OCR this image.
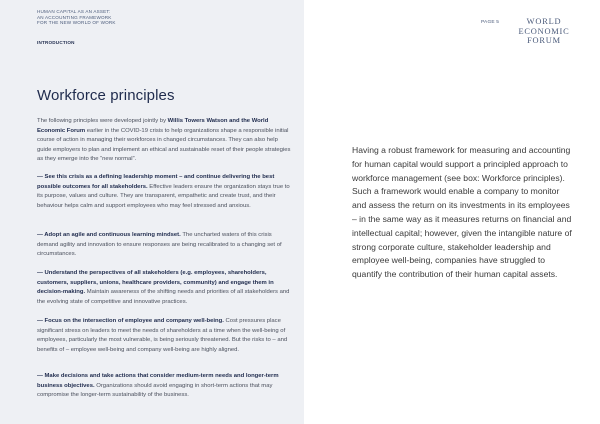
HUMAN CAPITAL AS AN ASSET:
AN ACCOUNTING FRAMEWORK
FOR THE NEW WORLD OF WORK
INTRODUCTION
Workforce principles
The following principles were developed jointly by Willis Towers Watson and the World Economic Forum earlier in the COVID-19 crisis to help organizations shape a responsible initial course of action in managing their workforces in changed circumstances. They can also help guide employers to plan and implement an ethical and sustainable reset of their people strategies as they emerge into the “new normal”.
— See this crisis as a defining leadership moment – and continue delivering the best possible outcomes for all stakeholders. Effective leaders ensure the organization stays true to its purpose, values and culture. They are transparent, empathetic and create trust, and their behaviour helps calm and support employees who may feel stressed and anxious.
— Adopt an agile and continuous learning mindset. The uncharted waters of this crisis demand agility and innovation to ensure responses are being recalibrated to a changing set of circumstances.
— Understand the perspectives of all stakeholders (e.g. employees, shareholders, customers, suppliers, unions, healthcare providers, community) and engage them in decision-making. Maintain awareness of the shifting needs and priorities of all stakeholders and the evolving state of competitive and innovative practices.
— Focus on the intersection of employee and company well-being. Cost pressures place significant stress on leaders to meet the needs of shareholders at a time when the well-being of employees, particularly the most vulnerable, is being seriously threatened. But the risks to – and benefits of – employee well-being and company well-being are highly aligned.
— Make decisions and take actions that consider medium-term needs and longer-term business objectives. Organizations should avoid engaging in short-term actions that may compromise the longer-term sustainability of the business.
PAGE 5	WORLD
ECONOMIC
FORUM
Having a robust framework for measuring and accounting for human capital would support a principled approach to workforce management (see box: Workforce principles). Such a framework would enable a company to monitor and assess the return on its investments in its employees – in the same way as it measures returns on financial and intellectual capital; however, given the intangible nature of strong corporate culture, stakeholder leadership and employee well-being, companies have struggled to quantify the contribution of their human capital assets.
